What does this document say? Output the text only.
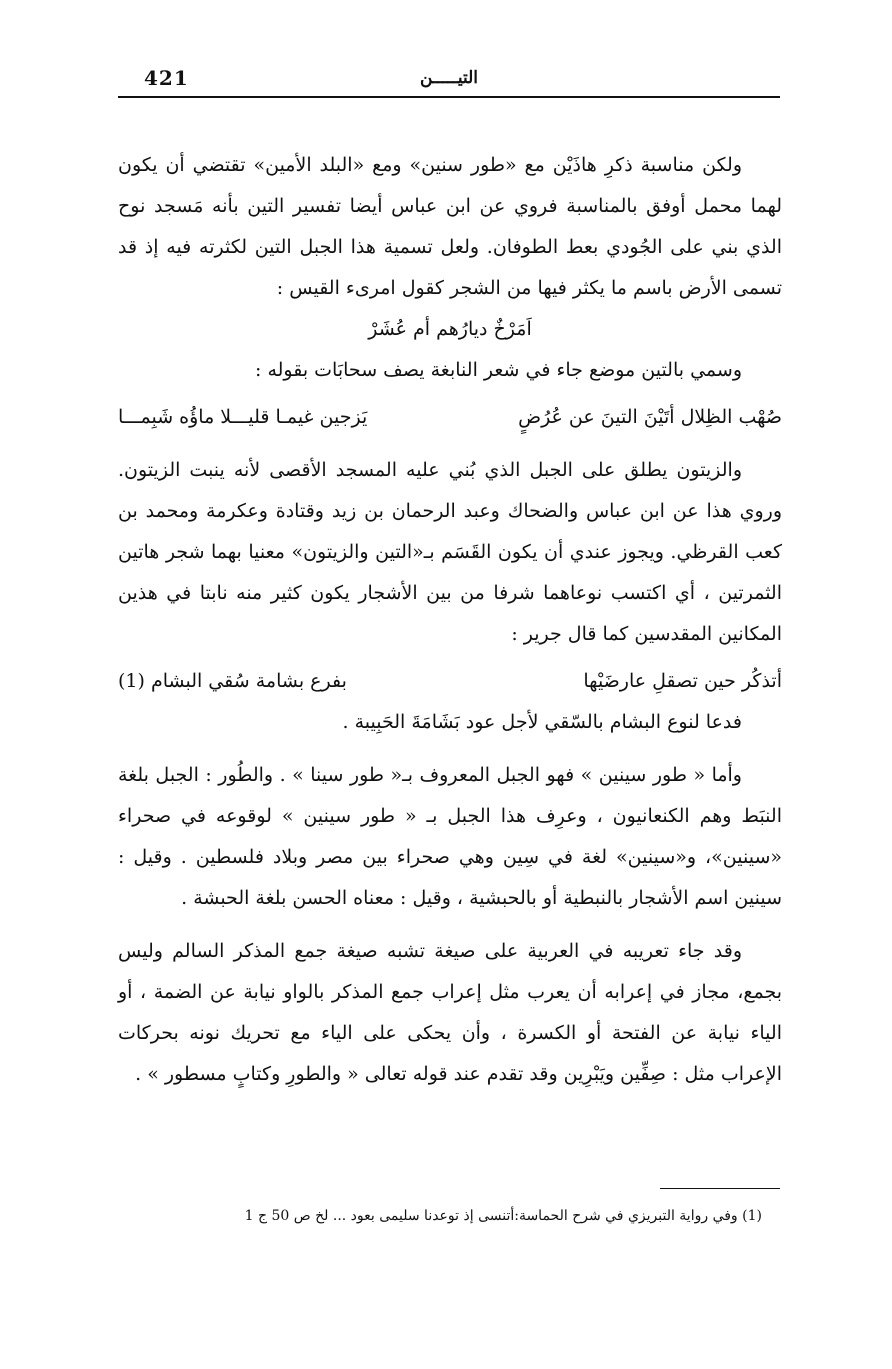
421	التيـــــن

ولكن مناسبة ذكرِ هاذَيْن مع «طور سنين» ومع «البلد الأمين» تقتضي أن يكون لهما محمل أوفق بالمناسبة فروي عن ابن عباس أيضا تفسير التين بأنه مَسجد نوح الذي بني على الجُودي بعط الطوفان. ولعل تسمية هذا الجبل التين لكثرته فيه إذ قد تسمى الأرض باسم ما يكثر فيها من الشجر كقول امرىء القيس :

اَمَرْخٌ ديارُهم أم عُشَرْ

وسمي بالتين موضع جاء في شعر النابغة يصف سحابَات بقوله :

صُهْب الظِلال أتَيْنَ التينَ عن عُرُضٍ
يَزجين غيمـا قليـــلا ماؤُه شَبِمـــا

والزيتون يطلق على الجبل الذي بُني عليه المسجد الأقصى لأنه ينبت الزيتون. وروي هذا عن ابن عباس والضحاك وعبد الرحمان بن زيد وقتادة وعكرمة ومحمد بن كعب القرظي. ويجوز عندي أن يكون القَسَم بـ«التين والزيتون» معنيا بهما شجر هاتين الثمرتين ، أي اكتسب نوعاهما شرفا من بين الأشجار يكون كثير منه نابتا في هذين المكانين المقدسين كما قال جرير :

أتذكُر حين تصقلِ عارضَيْها
بفرع بشامة سُقي البشام (1)

فدعا لنوع البشام بالسّقي لأجل عود بَشَامَةَ الحَبِيبة .

وأما « طور سينين » فهو الجبل المعروف بـ« طور سينا » . والطُور : الجبل بلغة النبَط وهم الكنعانيون ، وعرِف هذا الجبل بـ « طور سينين » لوقوعه في صحراء «سينين»، و«سينين» لغة في سِين وهي صحراء بين مصر وبلاد فلسطين . وقيل : سينين اسم الأشجار بالنبطية أو بالحبشية ، وقيل : معناه الحسن بلغة الحبشة .

وقد جاء تعريبه في العربية على صيغة تشبه صيغة جمع المذكر السالم وليس بجمع، مجاز في إعرابه أن يعرب مثل إعراب جمع المذكر بالواو نيابة عن الضمة ، أو الياء نيابة عن الفتحة أو الكسرة ، وأن يحكى على الياء مع تحريك نونه بحركات الإعراب مثل : صِفِّين ويَبْرِين وقد تقدم عند قوله تعالى « والطورِ وكتابٍ مسطور » .

(1) وفي رواية التبريزي في شرح الحماسة:أتنسى إذ توعدنا سليمى بعود ... لخ ص 50 ج 1
